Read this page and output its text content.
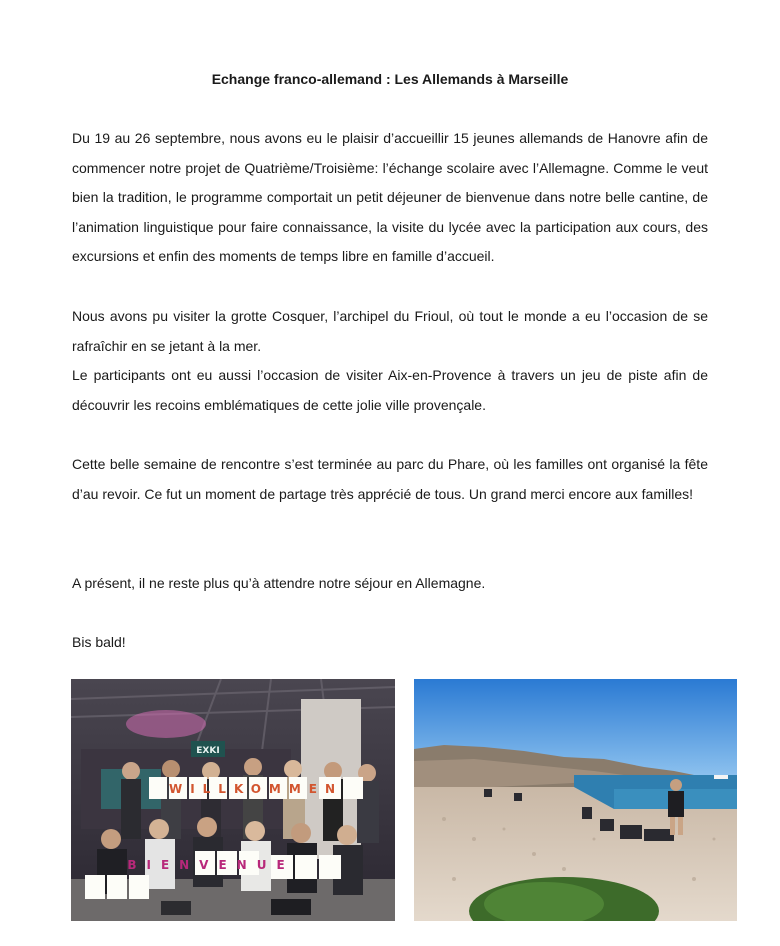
Echange franco-allemand : Les Allemands à Marseille
Du 19 au 26 septembre, nous avons eu le plaisir d’accueillir 15 jeunes allemands de Hanovre afin de commencer notre projet de Quatrième/Troisième: l’échange scolaire avec l’Allemagne. Comme le veut bien la tradition, le programme comportait un petit déjeuner de bienvenue dans notre belle cantine, de l’animation linguistique pour faire connaissance, la visite du lycée avec la participation aux cours, des excursions et enfin des moments de temps libre en famille d’accueil.
Nous avons pu visiter la grotte Cosquer, l’archipel du Frioul, où tout le monde a eu l’occasion de se rafraîchir en se jetant à la mer.
Le participants ont eu aussi l’occasion de visiter Aix-en-Provence à travers un jeu de piste afin de découvrir les recoins emblématiques de cette jolie ville provençale.
Cette belle semaine de rencontre s’est terminée au parc du Phare, où les familles ont organisé la fête d’au revoir. Ce fut un moment de partage très apprécié de tous. Un grand merci encore aux familles!
A présent, il ne reste plus qu’à attendre notre séjour en Allemagne.
Bis bald!
EXKI
WILLKOMMEN
BIENVENUE
